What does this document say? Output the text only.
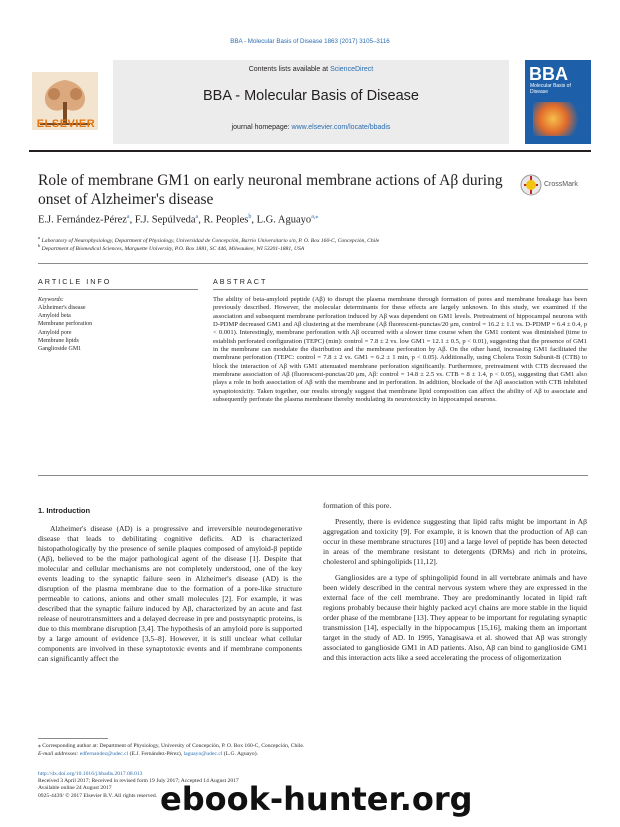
BBA - Molecular Basis of Disease 1863 (2017) 3105–3116
ELSEVIER
Contents lists available at ScienceDirect
BBA - Molecular Basis of Disease
journal homepage: www.elsevier.com/locate/bbadis
BBA
Molecular Basis of Disease
Role of membrane GM1 on early neuronal membrane actions of Aβ during onset of Alzheimer's disease
CrossMark
E.J. Fernández-Pérez$^a$, F.J. Sepúlveda$^a$, R. Peoples$^b$, L.G. Aguayo$^{a,⁎}$
$^a$ Laboratory of Neurophysiology, Department of Physiology, Universidad de Concepción, Barrio Universitario s/n, P. O. Box 160-C, Concepción, Chile
$^b$ Department of Biomedical Sciences, Marquette University, P.O. Box 1881, SC 446, Milwaukee, WI 53201-1881, USA
ARTICLE INFO	ABSTRACT
Keywords:
Alzheimer's disease
Amyloid beta
Membrane perforation
Amyloid pore
Membrane lipids
Ganglioside GM1
The ability of beta-amyloid peptide (Aβ) to disrupt the plasma membrane through formation of pores and membrane breakage has been previously described. However, the molecular determinants for these effects are largely unknown. In this study, we examined if the association and subsequent membrane perforation induced by Aβ was dependent on GM1 levels. Pretreatment of hippocampal neurons with D-PDMP decreased GM1 and Aβ clustering at the membrane (Aβ fluorescent-punctas/20 μm, control = 16.2 ± 1.1 vs. D-PDMP = 6.4 ± 0.4, p < 0.001). Interestingly, membrane perforation with Aβ occurred with a slower time course when the GM1 content was diminished (time to establish perforated configuration (TEPC) (min): control = 7.8 ± 2 vs. low GM1 = 12.1 ± 0.5, p < 0.01), suggesting that the presence of GM1 in the membrane can modulate the distribution and the membrane perforation by Aβ. On the other hand, increasing GM1 facilitated the membrane perforation (TEPC: control = 7.8 ± 2 vs. GM1 = 6.2 ± 1 min, p < 0.05). Additionally, using Cholera Toxin Subunit-B (CTB) to block the interaction of Aβ with GM1 attenuated membrane perforation significantly. Furthermore, pretreatment with CTB decreased the membrane association of Aβ (fluorescent-punctas/20 μm, Aβ: control = 14.8 ± 2.5 vs. CTB = 8 ± 1.4, p < 0.05), suggesting that GM1 also plays a role in both association of Aβ with the membrane and in perforation. In addition, blockade of the Aβ association with CTB inhibited synaptotoxicity. Taken together, our results strongly suggest that membrane lipid composition can affect the ability of Aβ to associate and subsequently perforate the plasma membrane thereby modulating its neurotoxicity in hippocampal neurons.
1. Introduction

Alzheimer's disease (AD) is a progressive and irreversible neurodegenerative disease that leads to debilitating cognitive deficits. AD is characterized histopathologically by the presence of senile plaques composed of amyloid-β peptide (Aβ), believed to be the major pathological agent of the disease [1]. Despite that molecular and cellular mechanisms are not completely understood, one of the key events leading to the synaptic failure seen in Alzheimer's disease (AD) is the disruption of the plasma membrane due to the formation of a pore-like structure permeable to cations, anions and other small molecules [2]. For example, it was described that the synaptic failure induced by Aβ, characterized by an acute and fast release of neurotransmitters and a delayed decrease in pre and postsynaptic proteins, is due to this membrane disruption [3,4]. The hypothesis of an amyloid pore is supported by a large amount of evidence [3,5–8]. However, it is still unclear what cellular components are involved in these synaptotoxic events and if membrane components can significantly affect the

formation of this pore.

Presently, there is evidence suggesting that lipid rafts might be important in Aβ aggregation and toxicity [9]. For example, it is known that the production of Aβ can occur in these membrane structures [10] and a large level of peptide has been detected in areas of the membrane resistant to detergents (DRMs) and rich in proteins, cholesterol and sphingolipids [11,12].

Gangliosides are a type of sphingolipid found in all vertebrate animals and have been widely described in the central nervous system where they are expressed in the external face of the cell membrane. They are predominantly located in lipid raft regions probably because their highly packed acyl chains are more stable in the liquid order phase of the membrane [13]. They appear to be important for regulating synaptic transmission [14], especially in the hippocampus [15,16], making them an important target in the study of AD. In 1995, Yanagisawa et al. showed that Aβ was strongly associated to ganglioside GM1 in AD patients. Also, Aβ can bind to ganglioside GM1 and this interaction acts like a seed accelerating the process of oligomerization

⁎ Corresponding author at: Department of Physiology, University of Concepción, P. O. Box 160-C, Concepción, Chile.
E-mail addresses: edfernandez@udec.cl (E.J. Fernández-Pérez), laguayo@udec.cl (L.G. Aguayo).
http://dx.doi.org/10.1016/j.bbadis.2017.08.013
Received 3 April 2017; Received in revised form 19 July 2017; Accepted 14 August 2017
Available online 24 August 2017
0925-4439/ © 2017 Elsevier B.V. All rights reserved. ebook-hunter.org
